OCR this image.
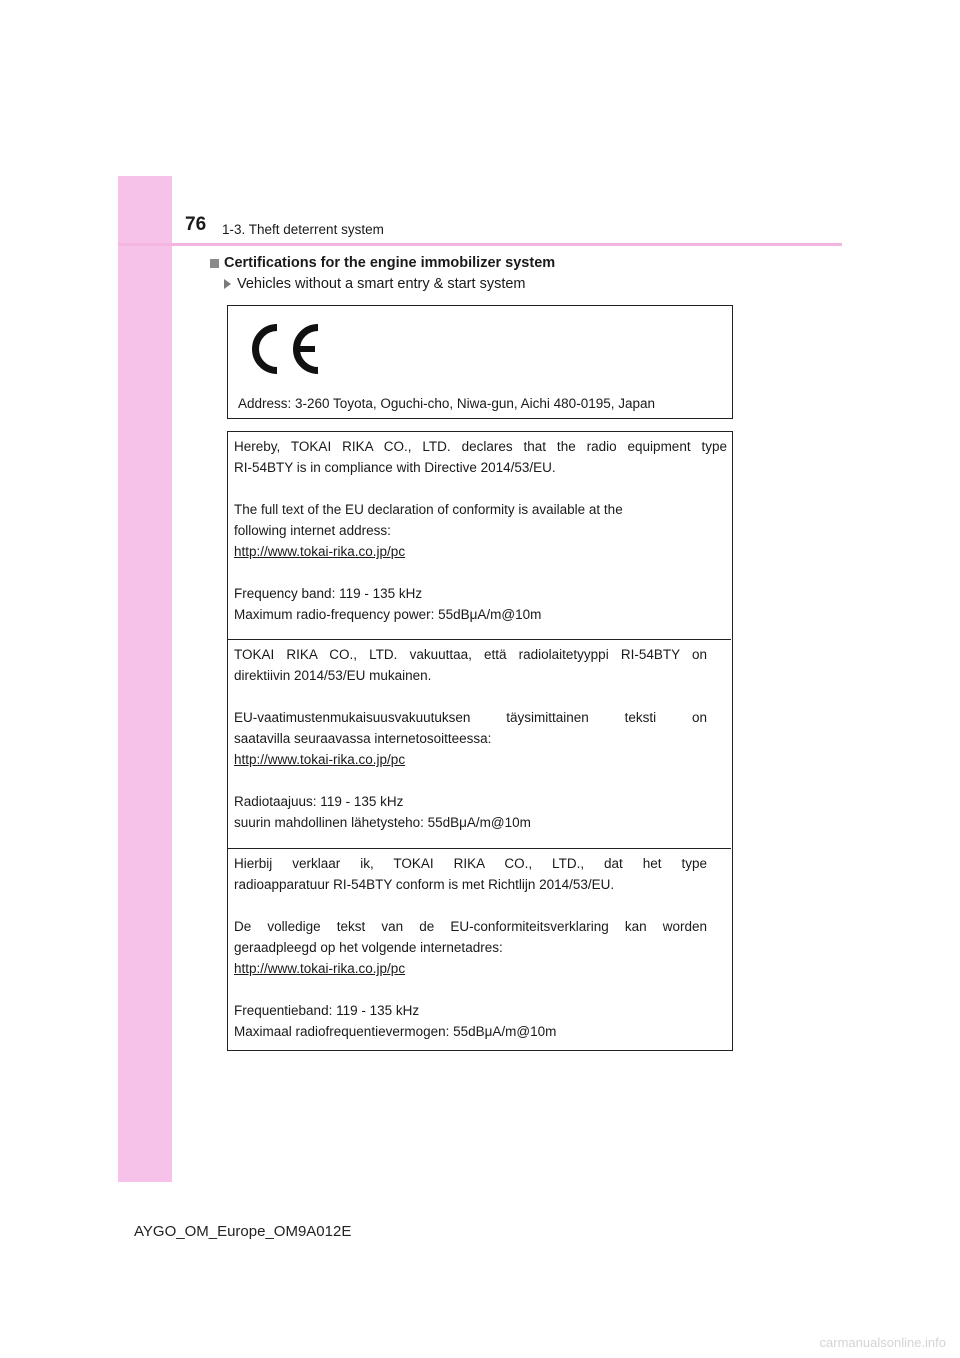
76 1-3. Theft deterrent system
Certifications for the engine immobilizer system
Vehicles without a smart entry & start system
Address: 3-260 Toyota, Oguchi-cho, Niwa-gun, Aichi 480-0195, Japan

Hereby, TOKAI RIKA CO., LTD. declares that the radio equipment type
RI-54BTY is in compliance with Directive 2014/53/EU.

The full text of the EU declaration of conformity is available at the
following internet address:
http://www.tokai-rika.co.jp/pc

Frequency band: 119 - 135 kHz
Maximum radio-frequency power: 55dBμA/m@10m

TOKAI RIKA CO., LTD. vakuuttaa, että radiolaitetyyppi RI-54BTY on
direktiivin 2014/53/EU mukainen.

EU-vaatimustenmukaisuusvakuutuksen täysimittainen teksti on
saatavilla seuraavassa internetosoitteessa:
http://www.tokai-rika.co.jp/pc

Radiotaajuus: 119 - 135 kHz
suurin mahdollinen lähetysteho: 55dBμA/m@10m

Hierbij verklaar ik, TOKAI RIKA CO., LTD., dat het type
radioapparatuur RI-54BTY conform is met Richtlijn 2014/53/EU.

De volledige tekst van de EU-conformiteitsverklaring kan worden
geraadpleegd op het volgende internetadres:
http://www.tokai-rika.co.jp/pc

Frequentieband: 119 - 135 kHz
Maximaal radiofrequentievermogen: 55dBμA/m@10m

AYGO_OM_Europe_OM9A012E
carmanualsonline.info
